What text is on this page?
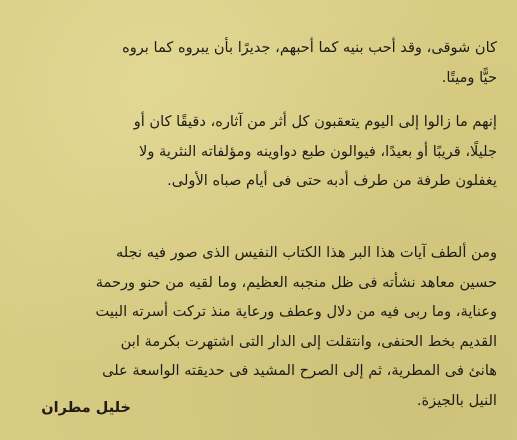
كان شوقى، وقد أحب بنيه كما أحبهم، جديرًا بأن يبروه كما بروه
حيًّا وميتًا.
إنهم ما زالوا إلى اليوم يتعقبون كل أثر من آثاره، دقيقًا كان أو
جليلًا، قريبًا أو بعيدًا، فيوالون طبع دواوينه ومؤلفاته النثرية ولا
يغفلون طرفة من طرف أدبه حتى فى أيام صباه الأولى.
ومن ألطف آيات هذا البر هذا الكتاب النفيس الذى صور فيه نجله
حسين معاهد نشأته فى ظل منجبه العظيم، وما لقيه من حنو ورحمة
وعناية، وما ربى فيه من دلال وعطف ورعاية منذ تركت أسرته البيت
القديم بخط الحنفى، وانتقلت إلى الدار التى اشتهرت بكرمة ابن
هانئ فى المطرية، ثم إلى الصرح المشيد فى حديقته الواسعة على
النيل بالجيزة.
خليل مطران
